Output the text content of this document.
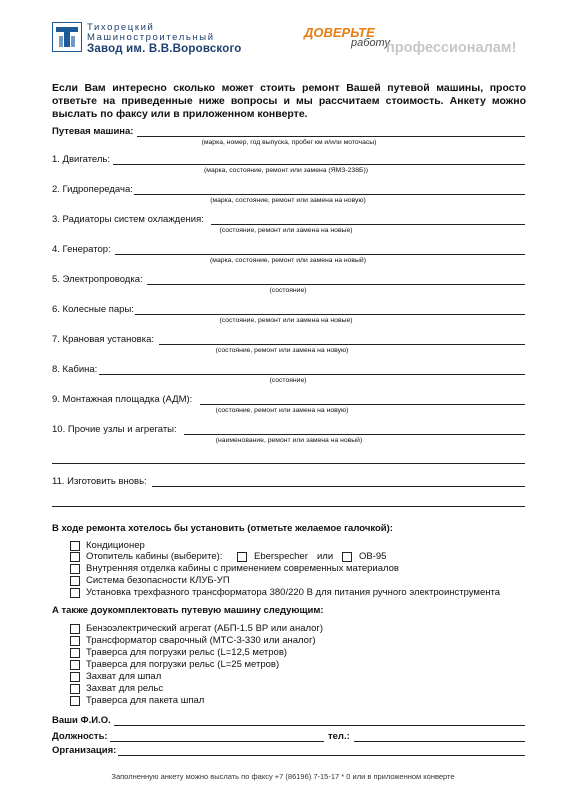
Тихорецкий
Машиностроительный
Завод им. В.В.Воровского
ДОВЕРЬТЕ
работу
профессионалам!
Если Вам интересно сколько может стоить ремонт Вашей путевой машины, просто ответьте на приведенные ниже вопросы и мы рассчитаем стоимость. Анкету можно выслать по факсу или в приложенном конверте.
Путевая машина:
(марка, номер, год выпуска, пробег км и/или моточасы)
1. Двигатель:
(марка, состояние, ремонт или замена (ЯМЗ-238Б))
2. Гидропередача:
(марка, состояние, ремонт или замена на новую)
3. Радиаторы систем охлаждения:
(состояние, ремонт или замена на новые)
4. Генератор:
(марка, состояние, ремонт или замена на новый)
5. Электропроводка:
(состояние)
6. Колесные пары:
(состояние, ремонт или замена на новые)
7. Крановая установка:
(состояние, ремонт или замена на новую)
8. Кабина:
(состояние)
9. Монтажная площадка (АДМ):
(состояние, ремонт или замена на новую)
10. Прочие узлы и агрегаты:
(наименование, ремонт или замена на новый)
11. Изготовить вновь:
В ходе ремонта хотелось бы установить (отметьте желаемое галочкой):
Кондиционер
Отопитель кабины (выберите):	Eberspecher или	ОВ-95
Внутренняя отделка кабины с применением современных материалов
Система безопасности КЛУБ-УП
Установка трехфазного трансформатора 380/220 В для питания ручного электроинструмента
А также доукомплектовать путевую машину следующим:
Бензоэлектрический агрегат (АБП-1.5 ВР или аналог)
Трансформатор сварочный (МТС-3-330 или аналог)
Траверса для погрузки рельс (L=12,5 метров)
Траверса для погрузки рельс (L=25 метров)
Захват для шпал
Захват для рельс
Траверса для пакета шпал
Ваши Ф.И.О.
Должность:	тел.:
Организация:
Заполненную анкету можно выслать по факсу +7 (86196) 7-15-17 * 0 или в приложенном конверте
